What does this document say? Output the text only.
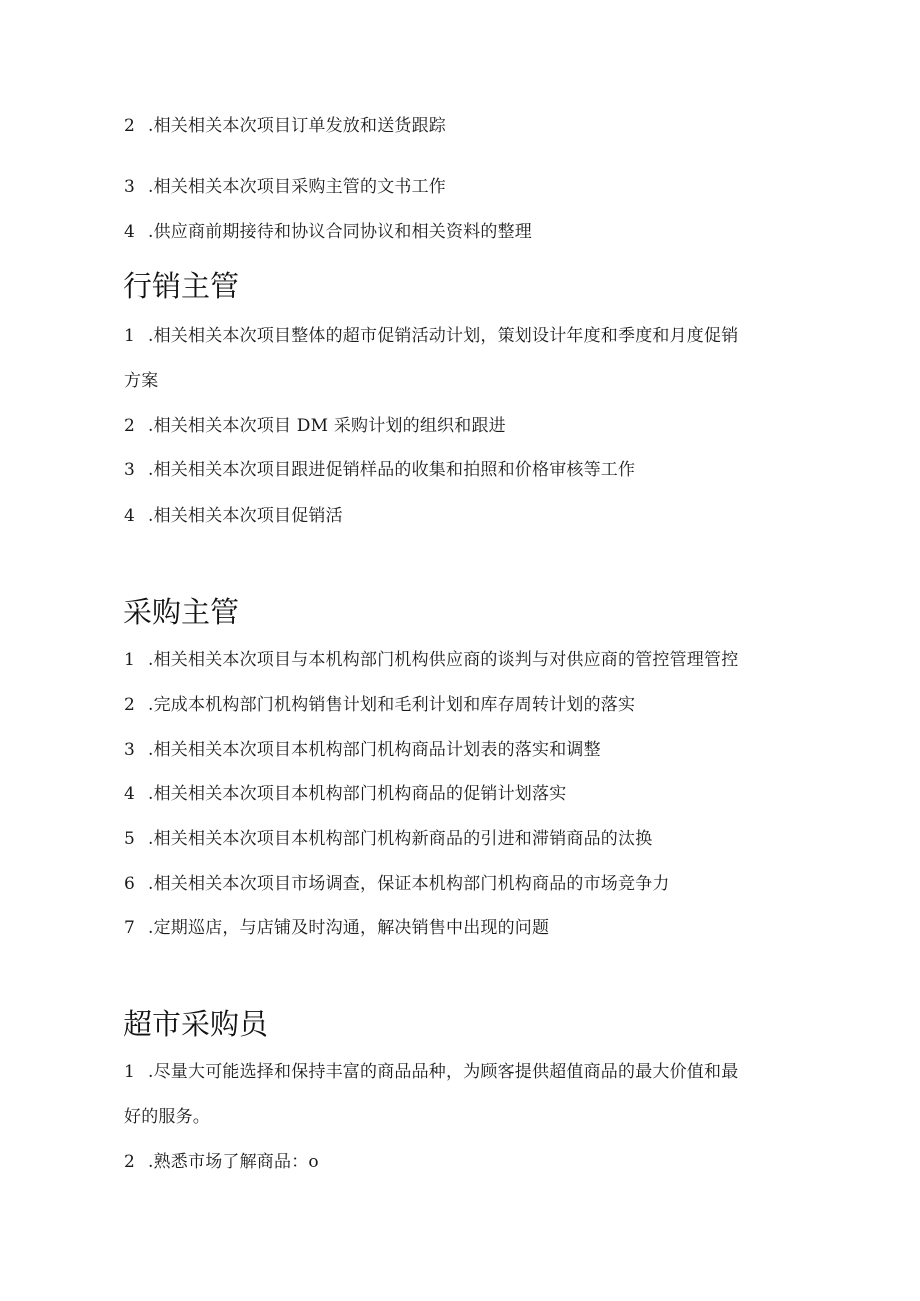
2 .相关相关本次项目订单发放和送货跟踪
3 .相关相关本次项目采购主管的文书工作
4 .供应商前期接待和协议合同协议和相关资料的整理
行销主管
1 .相关相关本次项目整体的超市促销活动计划，策划设计年度和季度和月度促销
方案
2 .相关相关本次项目 DM 采购计划的组织和跟进
3 .相关相关本次项目跟进促销样品的收集和拍照和价格审核等工作
4 .相关相关本次项目促销活
采购主管
1 .相关相关本次项目与本机构部门机构供应商的谈判与对供应商的管控管理管控
2 .完成本机构部门机构销售计划和毛利计划和库存周转计划的落实
3 .相关相关本次项目本机构部门机构商品计划表的落实和调整
4 .相关相关本次项目本机构部门机构商品的促销计划落实
5 .相关相关本次项目本机构部门机构新商品的引进和滞销商品的汰换
6 .相关相关本次项目市场调查，保证本机构部门机构商品的市场竞争力
7 .定期巡店，与店铺及时沟通，解决销售中出现的问题
超市采购员
1 .尽量大可能选择和保持丰富的商品品种，为顾客提供超值商品的最大价值和最
好的服务。
2 .熟悉市场了解商品：o
